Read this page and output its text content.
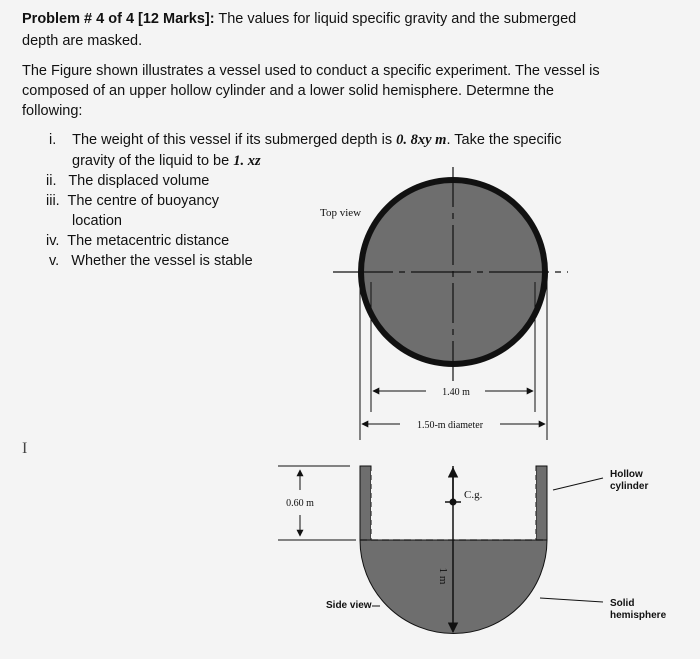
Problem # 4 of 4 [12 Marks]: The values for liquid specific gravity and the submerged
depth are masked.
The Figure shown illustrates a vessel used to conduct a specific experiment. The vessel is
composed of an upper hollow cylinder and a lower solid hemisphere. Determne the
following:
i. The weight of this vessel if its submerged depth is 0. 8xy m. Take the specific
gravity of the liquid to be 1. xz
ii. The displaced volume
iii. The centre of buoyancy
location
iv. The metacentric distance
v. Whether the vessel is stable
I
Top view
1.40 m
1.50-m diameter
0.60 m
C.g.
1 m
Hollow
cylinder
Side view	Solid
hemisphere
